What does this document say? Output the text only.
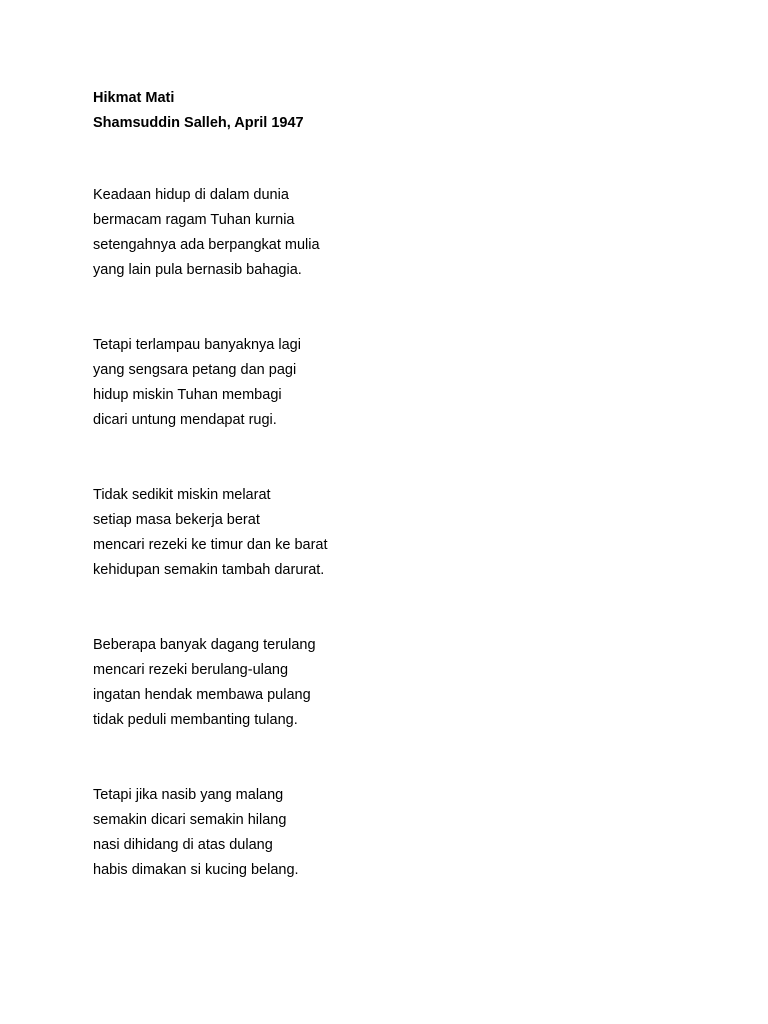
Hikmat Mati
Shamsuddin Salleh, April 1947
Keadaan hidup di dalam dunia
bermacam ragam Tuhan kurnia
setengahnya ada berpangkat mulia
yang lain pula bernasib bahagia.
Tetapi terlampau banyaknya lagi
yang sengsara petang dan pagi
hidup miskin Tuhan membagi
dicari untung mendapat rugi.
Tidak sedikit miskin melarat
setiap masa bekerja berat
mencari rezeki ke timur dan ke barat
kehidupan semakin tambah darurat.
Beberapa banyak dagang terulang
mencari rezeki berulang-ulang
ingatan hendak membawa pulang
tidak peduli membanting tulang.
Tetapi jika nasib yang malang
semakin dicari semakin hilang
nasi dihidang di atas dulang
habis dimakan si kucing belang.
